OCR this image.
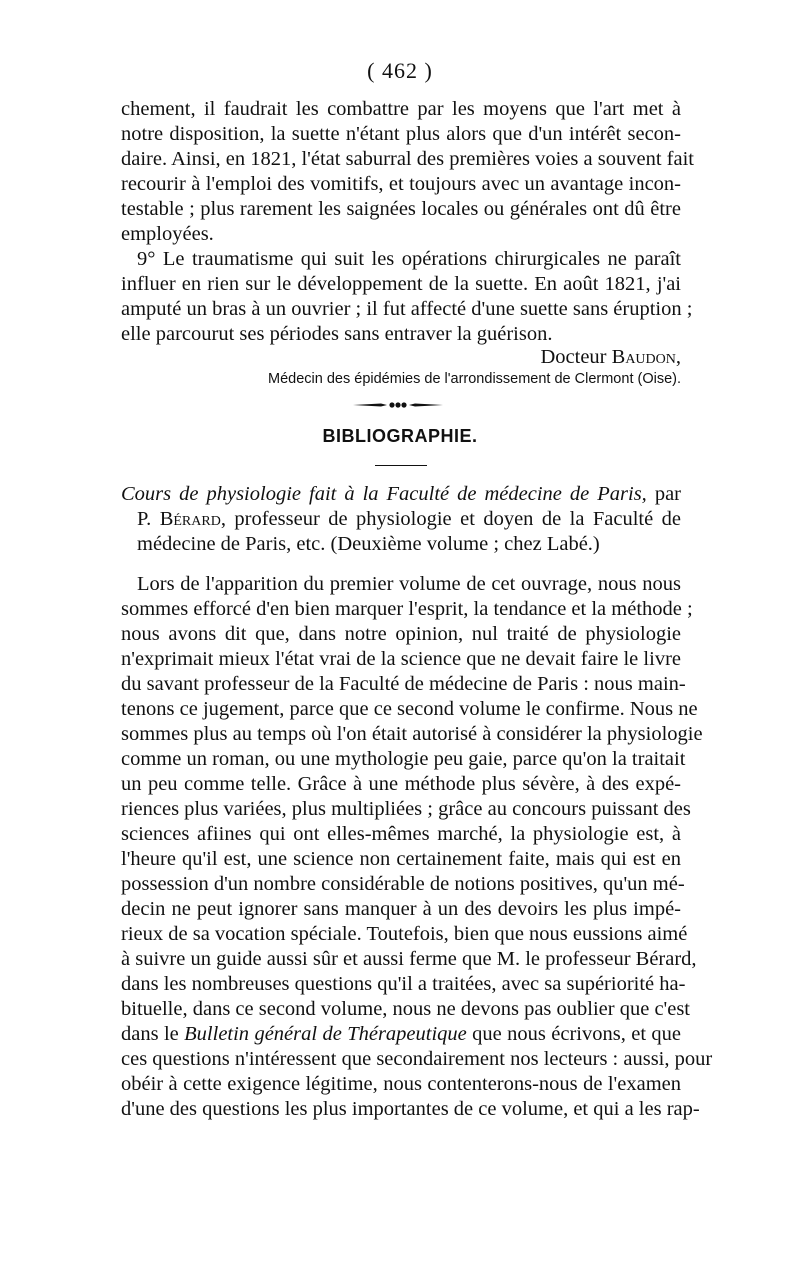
( 462 )
chement, il faudrait les combattre par les moyens que l'art met à
notre disposition, la suette n'étant plus alors que d'un intérêt secon-
daire. Ainsi, en 1821, l'état saburral des premières voies a souvent fait
recourir à l'emploi des vomitifs, et toujours avec un avantage incon-
testable ; plus rarement les saignées locales ou générales ont dû être
employées.
9° Le traumatisme qui suit les opérations chirurgicales ne paraît
influer en rien sur le développement de la suette. En août 1821, j'ai
amputé un bras à un ouvrier ; il fut affecté d'une suette sans éruption ;
elle parcourut ses périodes sans entraver la guérison.
Docteur Baudon,
Médecin des épidémies de l'arrondissement de Clermont (Oise).
BIBLIOGRAPHIE.
Cours de physiologie fait à la Faculté de médecine de Paris, par
P. Bérard, professeur de physiologie et doyen de la Faculté de
médecine de Paris, etc. (Deuxième volume ; chez Labé.)
Lors de l'apparition du premier volume de cet ouvrage, nous nous
sommes efforcé d'en bien marquer l'esprit, la tendance et la méthode ;
nous avons dit que, dans notre opinion, nul traité de physiologie
n'exprimait mieux l'état vrai de la science que ne devait faire le livre
du savant professeur de la Faculté de médecine de Paris : nous main-
tenons ce jugement, parce que ce second volume le confirme. Nous ne
sommes plus au temps où l'on était autorisé à considérer la physiologie
comme un roman, ou une mythologie peu gaie, parce qu'on la traitait
un peu comme telle. Grâce à une méthode plus sévère, à des expé-
riences plus variées, plus multipliées ; grâce au concours puissant des
sciences afiines qui ont elles-mêmes marché, la physiologie est, à
l'heure qu'il est, une science non certainement faite, mais qui est en
possession d'un nombre considérable de notions positives, qu'un mé-
decin ne peut ignorer sans manquer à un des devoirs les plus impé-
rieux de sa vocation spéciale. Toutefois, bien que nous eussions aimé
à suivre un guide aussi sûr et aussi ferme que M. le professeur Bérard,
dans les nombreuses questions qu'il a traitées, avec sa supériorité ha-
bituelle, dans ce second volume, nous ne devons pas oublier que c'est
dans le Bulletin général de Thérapeutique que nous écrivons, et que
ces questions n'intéressent que secondairement nos lecteurs : aussi, pour
obéir à cette exigence légitime, nous contenterons-nous de l'examen
d'une des questions les plus importantes de ce volume, et qui a les rap-
